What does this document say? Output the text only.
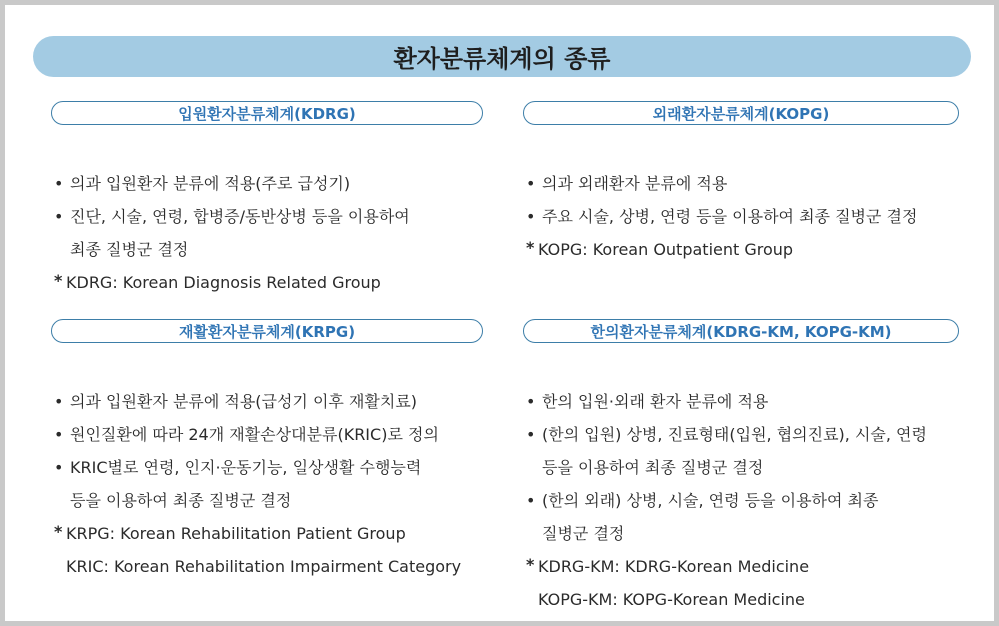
환자분류체계의 종류
입원환자분류체계(KDRG)
• 의과 입원환자 분류에 적용(주로 급성기)
• 진단, 시술, 연령, 합병증/동반상병 등을 이용하여
최종 질병군 결정
* KDRG: Korean Diagnosis Related Group
외래환자분류체계(KOPG)
• 의과 외래환자 분류에 적용
• 주요 시술, 상병, 연령 등을 이용하여 최종 질병군 결정
* KOPG: Korean Outpatient Group
재활환자분류체계(KRPG)
• 의과 입원환자 분류에 적용(급성기 이후 재활치료)
• 원인질환에 따라 24개 재활손상대분류(KRIC)로 정의
• KRIC별로 연령, 인지·운동기능, 일상생활 수행능력
등을 이용하여 최종 질병군 결정
* KRPG: Korean Rehabilitation Patient Group
KRIC: Korean Rehabilitation Impairment Category
한의환자분류체계(KDRG-KM, KOPG-KM)
• 한의 입원·외래 환자 분류에 적용
• (한의 입원) 상병, 진료형태(입원, 협의진료), 시술, 연령
등을 이용하여 최종 질병군 결정
• (한의 외래) 상병, 시술, 연령 등을 이용하여 최종
질병군 결정
* KDRG-KM: KDRG-Korean Medicine
KOPG-KM: KOPG-Korean Medicine
